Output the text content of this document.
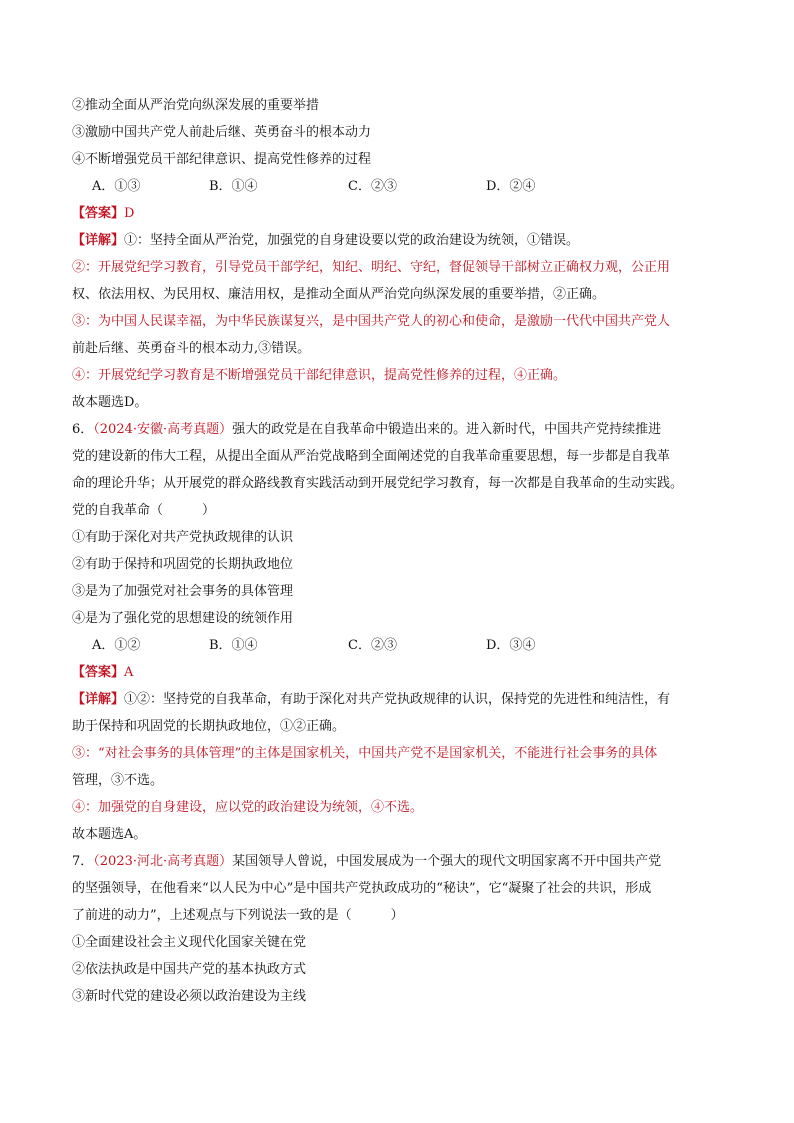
②推动全面从严治党向纵深发展的重要举措
③激励中国共产党人前赴后继、英勇奋斗的根本动力
④不断增强党员干部纪律意识、提高党性修养的过程
A．①③	B．①④	C．②③	D．②④
【答案】D
【详解】①：坚持全面从严治党，加强党的自身建设要以党的政治建设为统领，①错误。
②：开展党纪学习教育，引导党员干部学纪，知纪、明纪、守纪，督促领导干部树立正确权力观，公正用
权、依法用权、为民用权、廉洁用权，是推动全面从严治党向纵深发展的重要举措，②正确。
③：为中国人民谋幸福，为中华民族谋复兴，是中国共产党人的初心和使命，是激励一代代中国共产党人
前赴后继、英勇奋斗的根本动力,③错误。
④：开展党纪学习教育是不断增强党员干部纪律意识，提高党性修养的过程，④正确。
故本题选D。
6．（2024·安徽·高考真题）强大的政党是在自我革命中锻造出来的。进入新时代，中国共产党持续推进
党的建设新的伟大工程，从提出全面从严治党战略到全面阐述党的自我革命重要思想，每一步都是自我革
命的理论升华；从开展党的群众路线教育实践活动到开展党纪学习教育，每一次都是自我革命的生动实践。
党的自我革命（　　　）
①有助于深化对共产党执政规律的认识
②有助于保持和巩固党的长期执政地位
③是为了加强党对社会事务的具体管理
④是为了强化党的思想建设的统领作用
A．①②	B．①④	C．②③	D．③④
【答案】A
【详解】①②：坚持党的自我革命，有助于深化对共产党执政规律的认识，保持党的先进性和纯洁性，有
助于保持和巩固党的长期执政地位，①②正确。
③：“对社会事务的具体管理”的主体是国家机关，中国共产党不是国家机关，不能进行社会事务的具体
管理，③不选。
④：加强党的自身建设，应以党的政治建设为统领，④不选。
故本题选A。
7．（2023·河北·高考真题）某国领导人曾说，中国发展成为一个强大的现代文明国家离不开中国共产党
的坚强领导，在他看来“以人民为中心”是中国共产党执政成功的“秘诀”，它“凝聚了社会的共识，形成
了前进的动力”，上述观点与下列说法一致的是（　　　）
①全面建设社会主义现代化国家关键在党
②依法执政是中国共产党的基本执政方式
③新时代党的建设必须以政治建设为主线
